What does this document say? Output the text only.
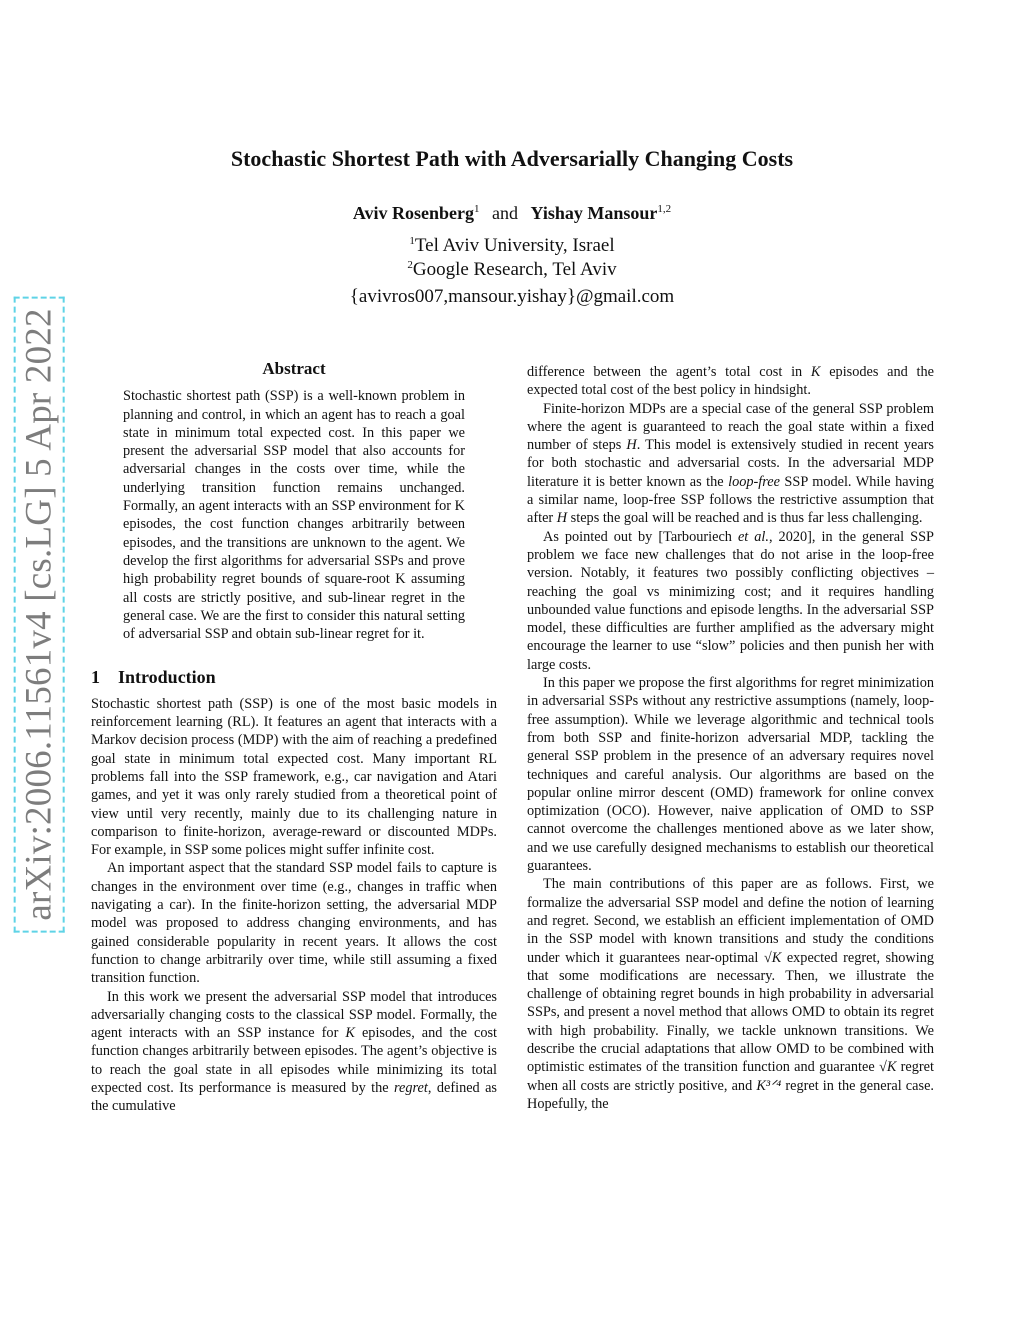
arXiv:2006.11561v4 [cs.LG] 5 Apr 2022
Stochastic Shortest Path with Adversarially Changing Costs
Aviv Rosenberg$^1$ and Yishay Mansour$^{1,2}$
$^1$Tel Aviv University, Israel
$^2$Google Research, Tel Aviv
{avivros007,mansour.yishay}@gmail.com
Abstract

Stochastic shortest path (SSP) is a well-known problem in planning and control, in which an agent has to reach a goal state in minimum total expected cost. In this paper we present the adversarial SSP model that also accounts for adversarial changes in the costs over time, while the underlying transition function remains unchanged. Formally, an agent interacts with an SSP environment for K episodes, the cost function changes arbitrarily between episodes, and the transitions are unknown to the agent. We develop the first algorithms for adversarial SSPs and prove high probability regret bounds of square-root K assuming all costs are strictly positive, and sub-linear regret in the general case. We are the first to consider this natural setting of adversarial SSP and obtain sub-linear regret for it.

1 Introduction

Stochastic shortest path (SSP) is one of the most basic models in reinforcement learning (RL). It features an agent that interacts with a Markov decision process (MDP) with the aim of reaching a predefined goal state in minimum total expected cost. Many important RL problems fall into the SSP framework, e.g., car navigation and Atari games, and yet it was only rarely studied from a theoretical point of view until very recently, mainly due to its challenging nature in comparison to finite-horizon, average-reward or discounted MDPs. For example, in SSP some polices might suffer infinite cost.

An important aspect that the standard SSP model fails to capture is changes in the environment over time (e.g., changes in traffic when navigating a car). In the finite-horizon setting, the adversarial MDP model was proposed to address changing environments, and has gained considerable popularity in recent years. It allows the cost function to change arbitrarily over time, while still assuming a fixed transition function.

In this work we present the adversarial SSP model that introduces adversarially changing costs to the classical SSP model. Formally, the agent interacts with an SSP instance for K episodes, and the cost function changes arbitrarily between episodes. The agent’s objective is to reach the goal state in all episodes while minimizing its total expected cost. Its performance is measured by the regret, defined as the cumulative

difference between the agent’s total cost in K episodes and the expected total cost of the best policy in hindsight.

Finite-horizon MDPs are a special case of the general SSP problem where the agent is guaranteed to reach the goal state within a fixed number of steps H. This model is extensively studied in recent years for both stochastic and adversarial costs. In the adversarial MDP literature it is better known as the loop-free SSP model. While having a similar name, loop-free SSP follows the restrictive assumption that after H steps the goal will be reached and is thus far less challenging.

As pointed out by [Tarbouriech et al., 2020], in the general SSP problem we face new challenges that do not arise in the loop-free version. Notably, it features two possibly conflicting objectives – reaching the goal vs minimizing cost; and it requires handling unbounded value functions and episode lengths. In the adversarial SSP model, these difficulties are further amplified as the adversary might encourage the learner to use “slow” policies and then punish her with large costs.

In this paper we propose the first algorithms for regret minimization in adversarial SSPs without any restrictive assumptions (namely, loop-free assumption). While we leverage algorithmic and technical tools from both SSP and finite-horizon adversarial MDP, tackling the general SSP problem in the presence of an adversary requires novel techniques and careful analysis. Our algorithms are based on the popular online mirror descent (OMD) framework for online convex optimization (OCO). However, naive application of OMD to SSP cannot overcome the challenges mentioned above as we later show, and we use carefully designed mechanisms to establish our theoretical guarantees.

The main contributions of this paper are as follows. First, we formalize the adversarial SSP model and define the notion of learning and regret. Second, we establish an efficient implementation of OMD in the SSP model with known transitions and study the conditions under which it guarantees near-optimal √K expected regret, showing that some modifications are necessary. Then, we illustrate the challenge of obtaining regret bounds in high probability in adversarial SSPs, and present a novel method that allows OMD to obtain its regret with high probability. Finally, we tackle unknown transitions. We describe the crucial adaptations that allow OMD to be combined with optimistic estimates of the transition function and guarantee √K regret when all costs are strictly positive, and K³ᐟ⁴ regret in the general case. Hopefully, the
